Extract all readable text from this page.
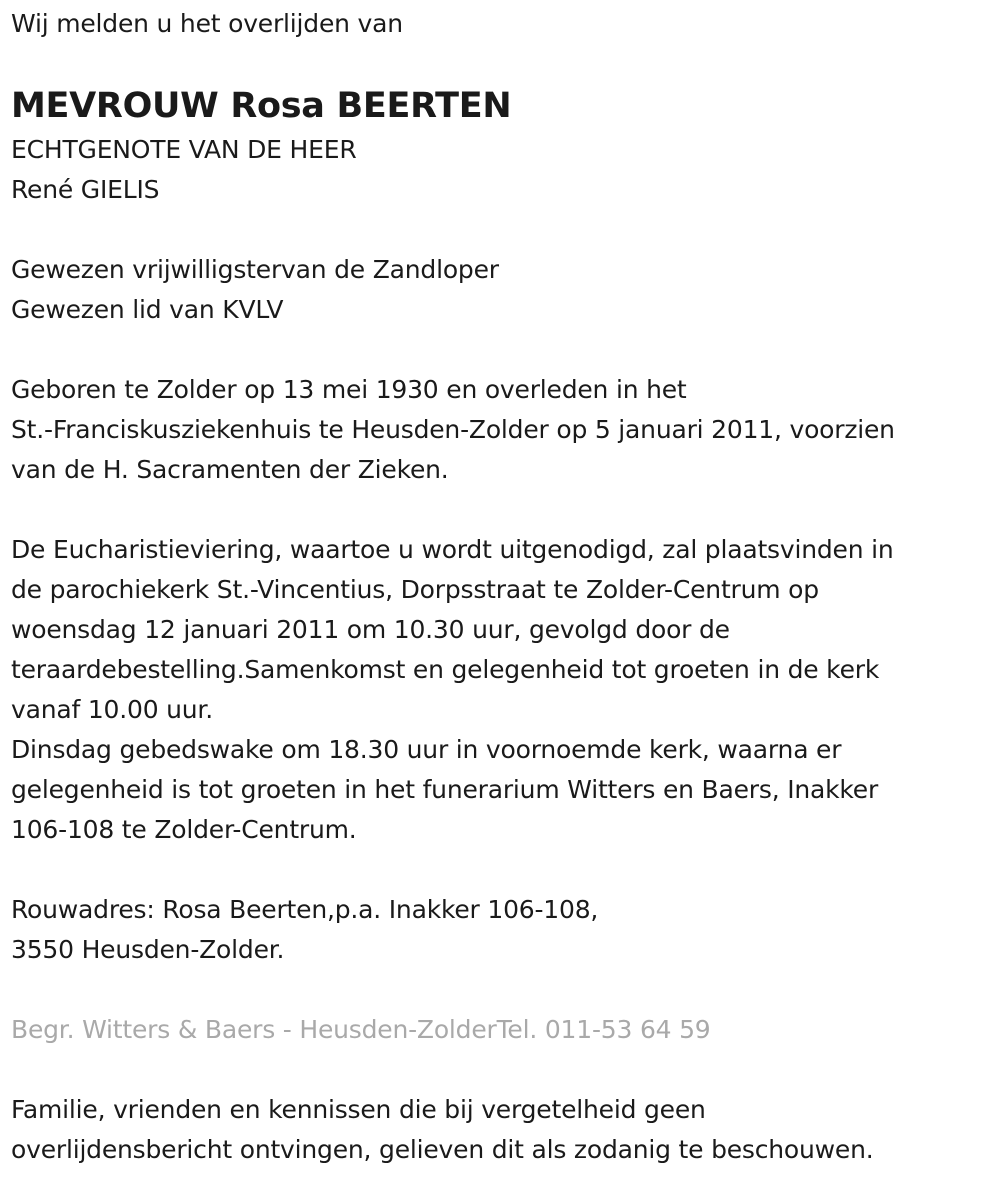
Wij melden u het overlijden van
MEVROUW Rosa BEERTEN
ECHTGENOTE VAN DE HEER
René GIELIS
Gewezen vrijwilligstervan de Zandloper
Gewezen lid van KVLV
Geboren te Zolder op 13 mei 1930 en overleden in het
St.-Franciskusziekenhuis te Heusden-Zolder op 5 januari 2011, voorzien
van de H. Sacramenten der Zieken.
De Eucharistieviering, waartoe u wordt uitgenodigd, zal plaatsvinden in
de parochiekerk St.-Vincentius, Dorpsstraat te Zolder-Centrum op
woensdag 12 januari 2011 om 10.30 uur, gevolgd door de
teraardebestelling.Samenkomst en gelegenheid tot groeten in de kerk
vanaf 10.00 uur.
Dinsdag gebedswake om 18.30 uur in voornoemde kerk, waarna er
gelegenheid is tot groeten in het funerarium Witters en Baers, Inakker
106-108 te Zolder-Centrum.
Rouwadres: Rosa Beerten,p.a. Inakker 106-108,
3550 Heusden-Zolder.
Begr. Witters & Baers - Heusden-ZolderTel. 011-53 64 59
Familie, vrienden en kennissen die bij vergetelheid geen
overlijdensbericht ontvingen, gelieven dit als zodanig te beschouwen.
